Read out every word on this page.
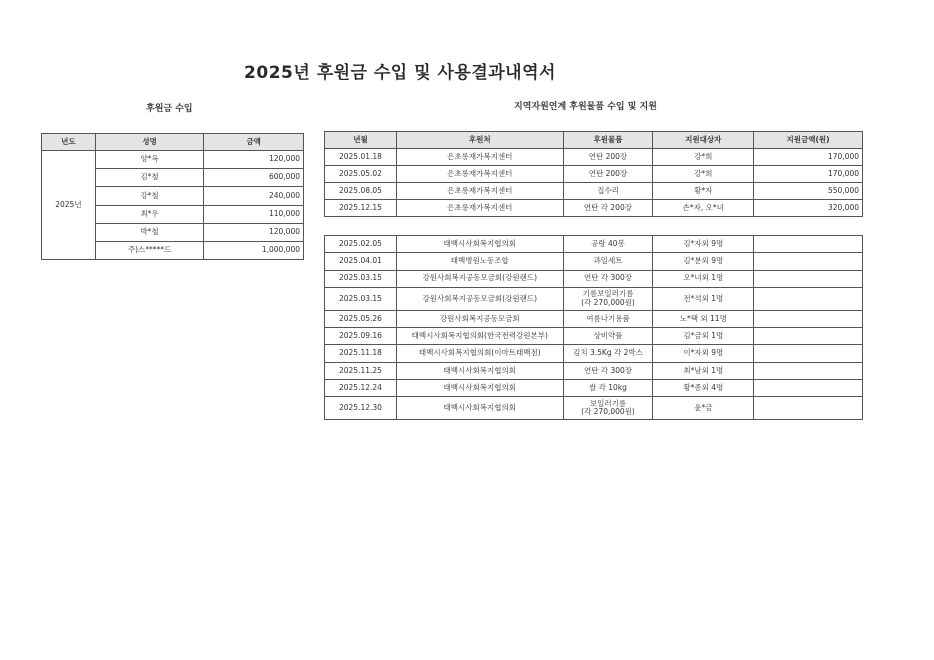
2025년 후원금 수입 및 사용결과내역서
후원금 수입	지역자원연계 후원물품 수입 및 지원
년도	성명	금액
2025년	양*옥	120,000
	김*철	600,000
	강*철	240,000
	최*우	110,000
	박*철	120,000
	주)스*****드	1,000,000
년월	후원처	후원물품	지원대상자	지원금액(원)
2025.01.18	은초롱재가복지센터	연탄 200장	강*희	170,000
2025.05.02	은초롱재가복지센터	연탄 200장	강*희	170,000
2025.08.05	은초롱재가복지센터	집수리	황*자	550,000
2025.12.15	은초롱재가복지센터	연탄 각 200장	손*자, 오*녀	320,000
2025.02.05	태백시사회복지협의회	공랑 40봉	김*자외 9명	
2025.04.01	태백병원노동조합	과일세트	김*분외 9명	
2025.03.15	강원사회복지공동모금회(강원랜드)	연탄 각 300장	오*녀외 1명	
2025.03.15	강원사회복지공동모금회(강원랜드)	기름보일러기름
(각 270,000원)	전*석외 1명	
2025.05.26	강원사회복지공동모금회	여름나기용품	노*택 외 11명	
2025.09.16	태백시사회복지협의회(한국전력강원본부)	상비약품	김*금외 1명	
2025.11.18	태백시사회복지협의회(이마트태백점)	김치 3.5Kg 각 2박스	이*자외 9명	
2025.11.25	태백시사회복지협의회	연탄 각 300장	최*남외 1명	
2025.12.24	태백시사회복지협의회	쌀 각 10kg	황*종외 4명	
2025.12.30	태백시사회복지협의회	보일러기름
(각 270,000원)	윤*금	
